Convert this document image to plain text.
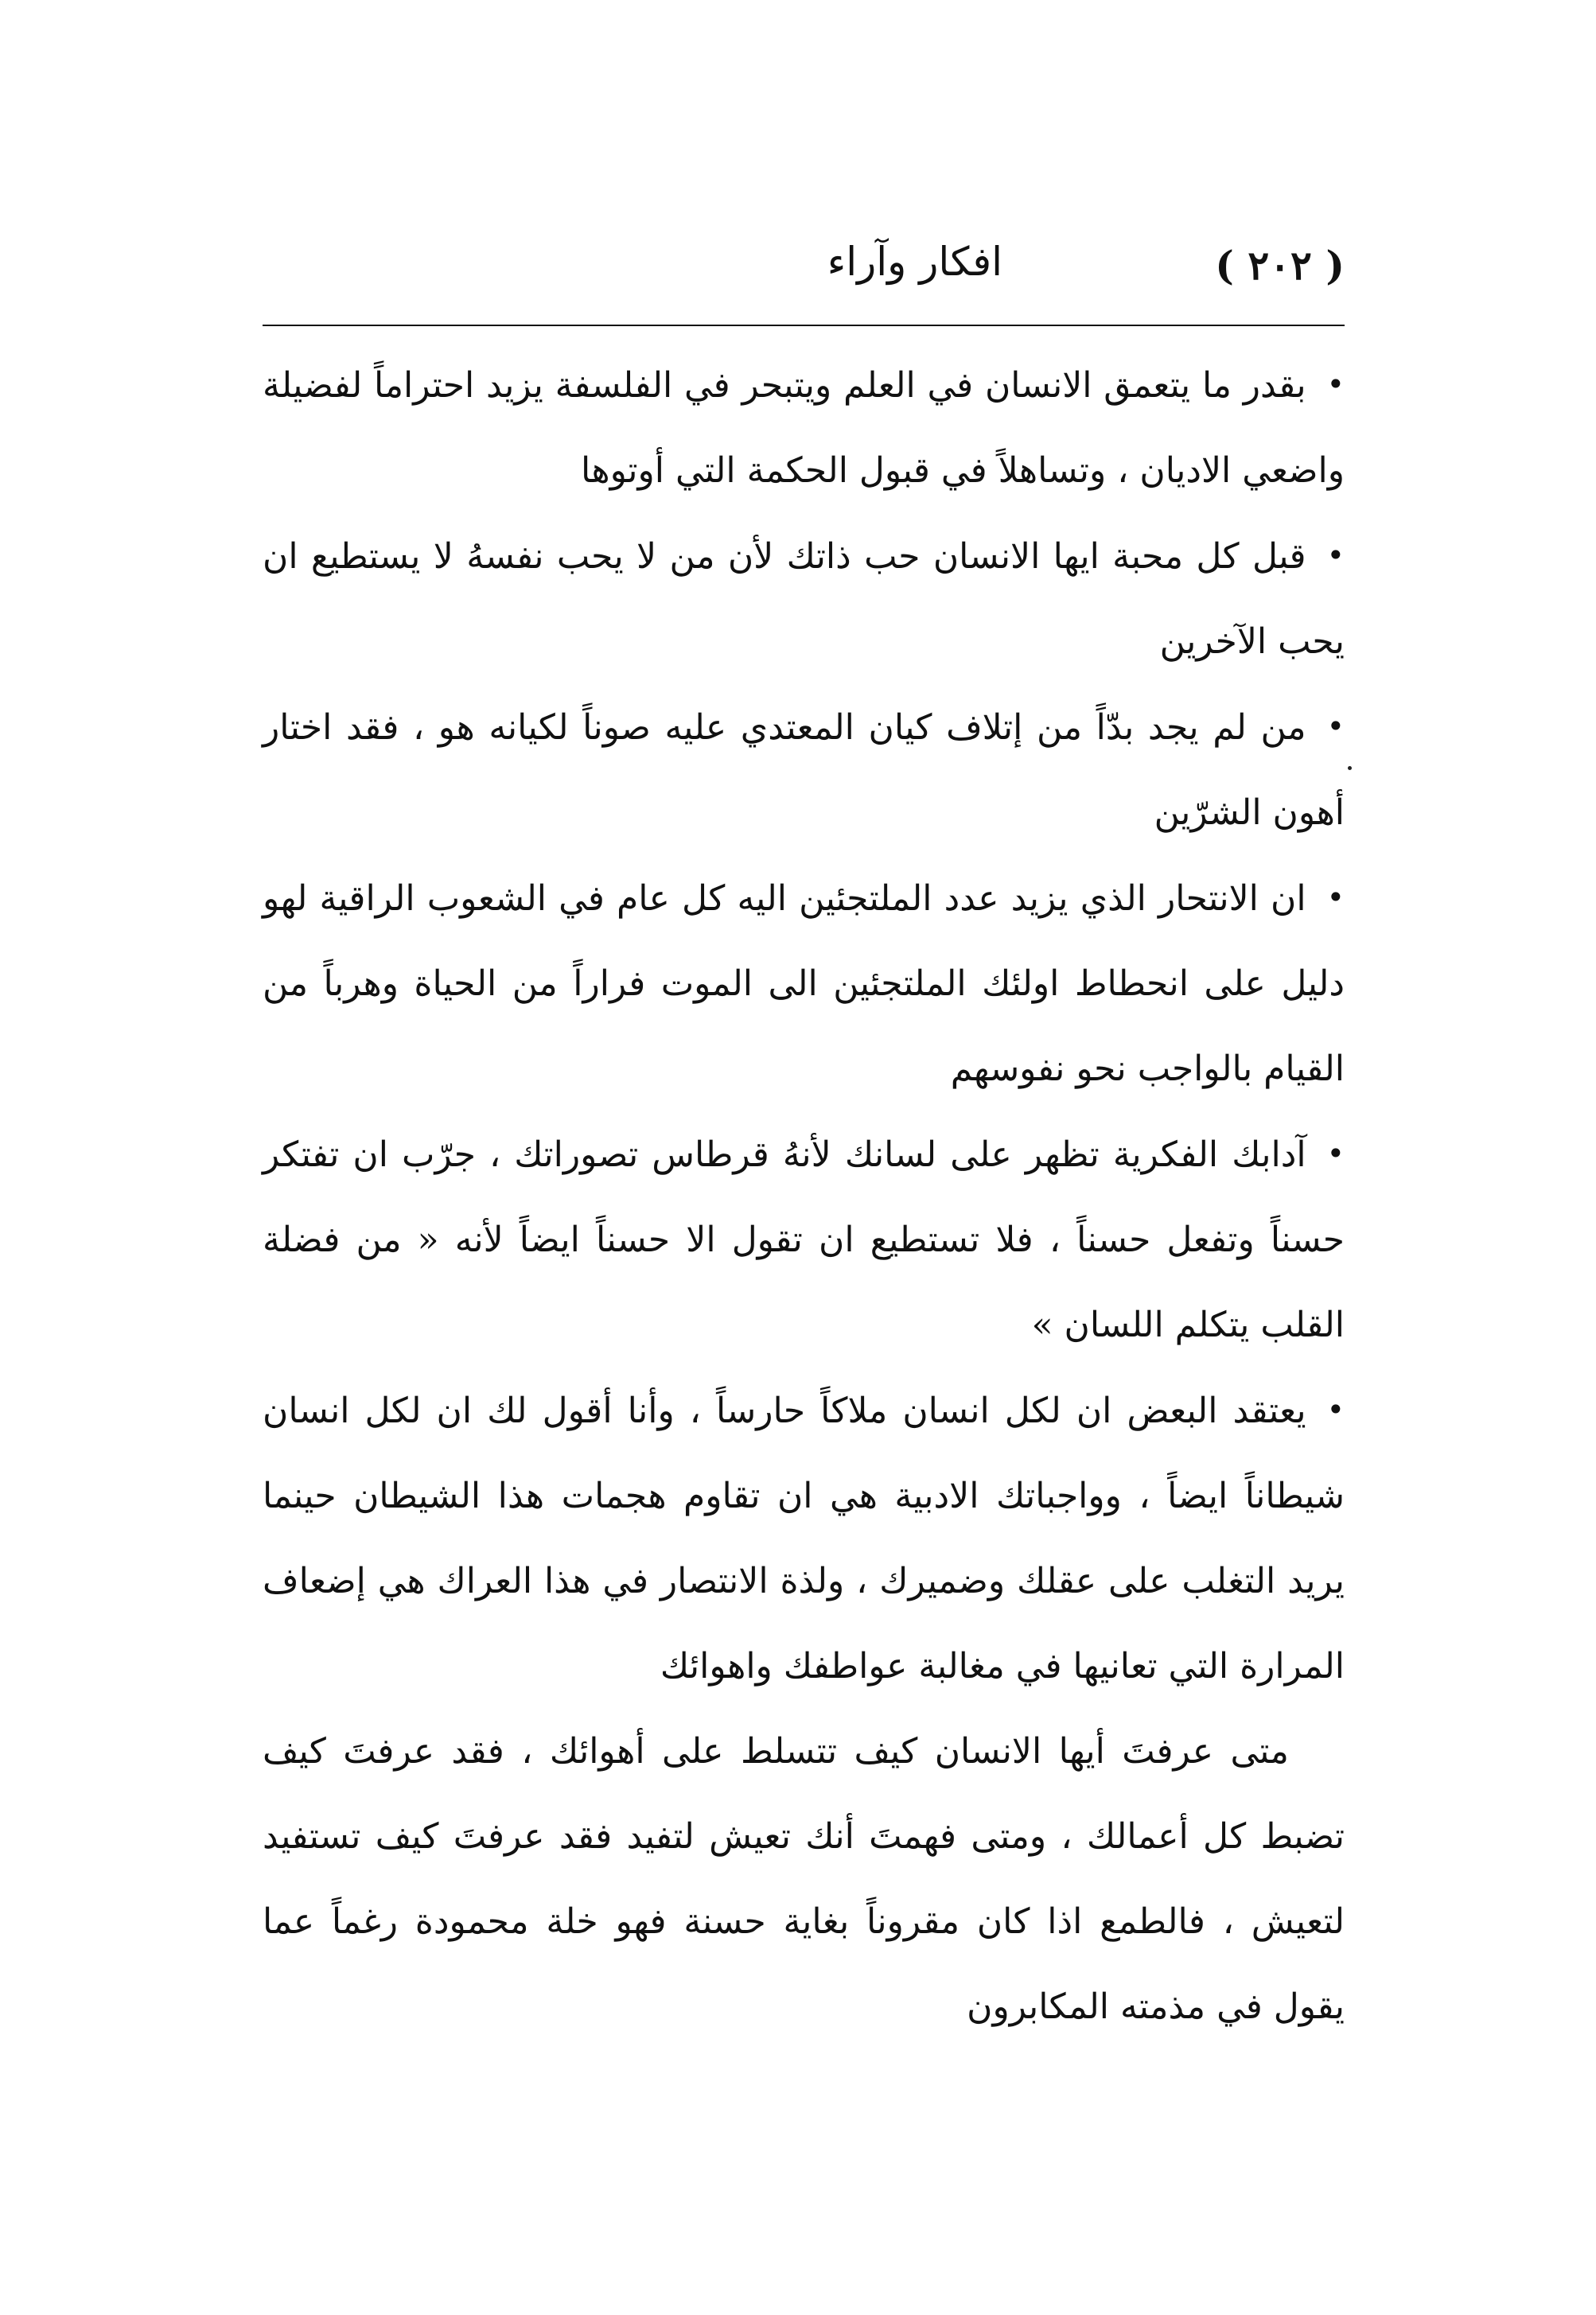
( ٢٠٢ )
افكار وآراء

•بقدر ما يتعمق الانسان في العلم ويتبحر في الفلسفة يزيد احتراماً لفضيلة واضعي الاديان ، وتساهلاً في قبول الحكمة التي أوتوها

•قبل كل محبة ايها الانسان حب ذاتك لأن من لا يحب نفسهُ لا يستطيع ان يحب الآخرين

•من لم يجد بدّاً من إتلاف كيان المعتدي عليه صوناً لكيانه هو ، فقد اختار أهون الشرّين

•ان الانتحار الذي يزيد عدد الملتجئين اليه كل عام في الشعوب الراقية لهو دليل على انحطاط اولئك الملتجئين الى الموت فراراً من الحياة وهرباً من القيام بالواجب نحو نفوسهم

•آدابك الفكرية تظهر على لسانك لأنهُ قرطاس تصوراتك ، جرّب ان تفتكر حسناً وتفعل حسناً ، فلا تستطيع ان تقول الا حسناً ايضاً لأنه « من فضلة القلب يتكلم اللسان »

•يعتقد البعض ان لكل انسان ملاكاً حارساً ، وأنا أقول لك ان لكل انسان شيطاناً ايضاً ، وواجباتك الادبية هي ان تقاوم هجمات هذا الشيطان حينما يريد التغلب على عقلك وضميرك ، ولذة الانتصار في هذا العراك هي إضعاف المرارة التي تعانيها في مغالبة عواطفك واهوائك

متى عرفتَ أيها الانسان كيف تتسلط على أهوائك ، فقد عرفتَ كيف تضبط كل أعمالك ، ومتى فهمتَ أنك تعيش لتفيد فقد عرفتَ كيف تستفيد لتعيش ، فالطمع اذا كان مقروناً بغاية حسنة فهو خلة محمودة رغماً عما يقول في مذمته المكابرون
